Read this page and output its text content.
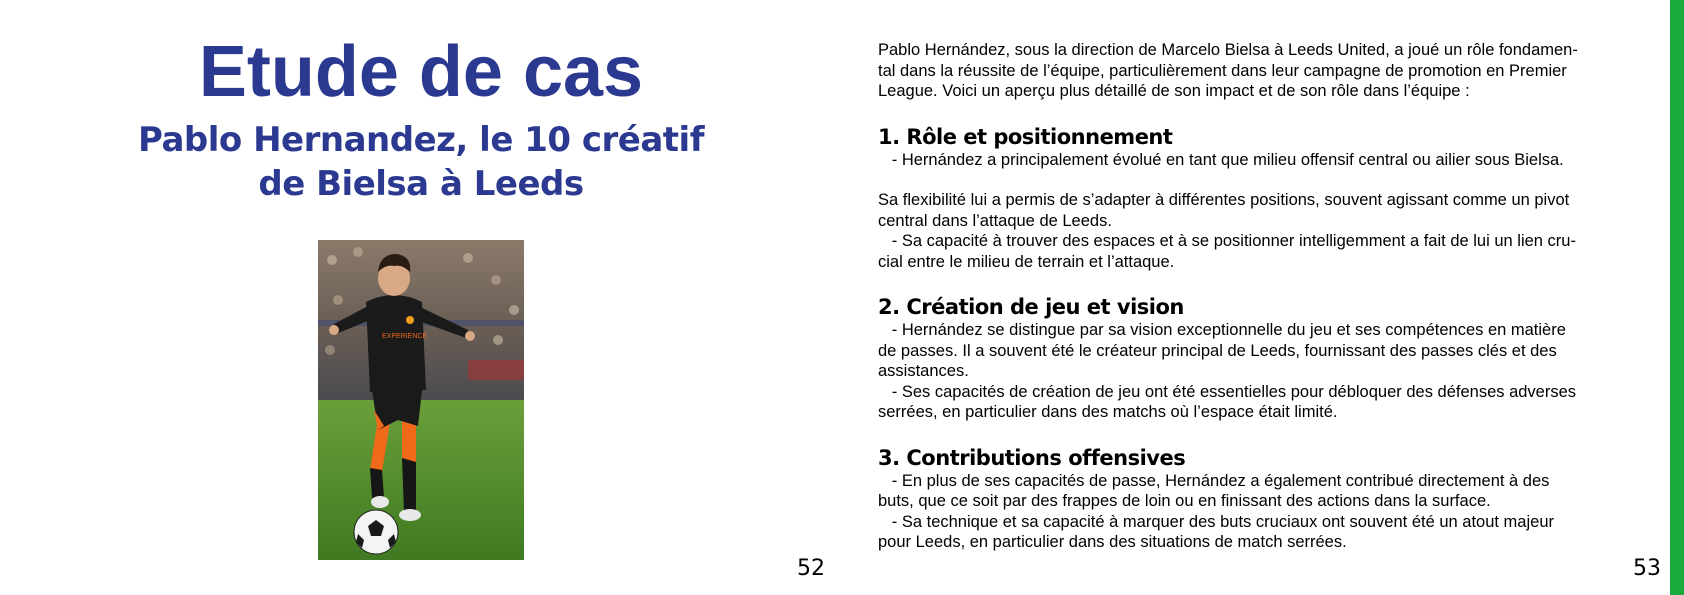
Etude de cas
Pablo Hernandez, le 10 créatif
de Bielsa à Leeds
EXPERIENCE
52

Pablo Hernández, sous la direction de Marcelo Bielsa à Leeds United, a joué un rôle fondamen-
tal dans la réussite de l’équipe, particulièrement dans leur campagne de promotion en Premier
League. Voici un aperçu plus détaillé de son impact et de son rôle dans l’équipe :

1. Rôle et positionnement

- Hernández a principalement évolué en tant que milieu offensif central ou ailier sous Bielsa.

Sa flexibilité lui a permis de s’adapter à différentes positions, souvent agissant comme un pivot
central dans l’attaque de Leeds.
- Sa capacité à trouver des espaces et à se positionner intelligemment a fait de lui un lien cru-
cial entre le milieu de terrain et l’attaque.

2. Création de jeu et vision

- Hernández se distingue par sa vision exceptionnelle du jeu et ses compétences en matière
de passes. Il a souvent été le créateur principal de Leeds, fournissant des passes clés et des
assistances.
- Ses capacités de création de jeu ont été essentielles pour débloquer des défenses adverses
serrées, en particulier dans des matchs où l’espace était limité.

3. Contributions offensives

- En plus de ses capacités de passe, Hernández a également contribué directement à des
buts, que ce soit par des frappes de loin ou en finissant des actions dans la surface.
- Sa technique et sa capacité à marquer des buts cruciaux ont souvent été un atout majeur
pour Leeds, en particulier dans des situations de match serrées.

53
